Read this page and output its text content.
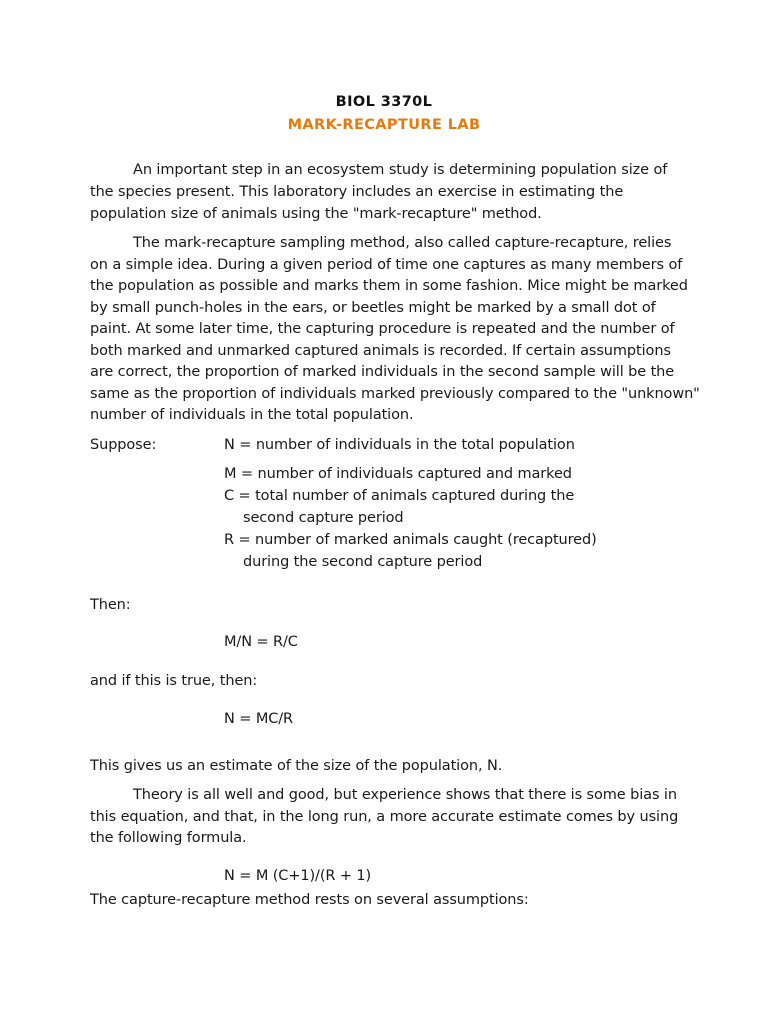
BIOL 3370L
MARK-RECAPTURE LAB

An important step in an ecosystem study is determining population size of

the species present. This laboratory includes an exercise in estimating the

population size of animals using the "mark-recapture" method.

The mark-recapture sampling method, also called capture-recapture, relies

on a simple idea. During a given period of time one captures as many members of

the population as possible and marks them in some fashion. Mice might be marked

by small punch-holes in the ears, or beetles might be marked by a small dot of

paint. At some later time, the capturing procedure is repeated and the number of

both marked and unmarked captured animals is recorded. If certain assumptions

are correct, the proportion of marked individuals in the second sample will be the

same as the proportion of individuals marked previously compared to the "unknown"

number of individuals in the total population.

Suppose:	N = number of individuals in the total population

M = number of individuals captured and marked

C = total number of animals captured during the

second capture period

R = number of marked animals caught (recaptured)

during the second capture period

Then:

M/N = R/C

and if this is true, then:

N = MC/R

This gives us an estimate of the size of the population, N.

Theory is all well and good, but experience shows that there is some bias in

this equation, and that, in the long run, a more accurate estimate comes by using

the following formula.

N = M (C+1)/(R + 1)

The capture-recapture method rests on several assumptions:
